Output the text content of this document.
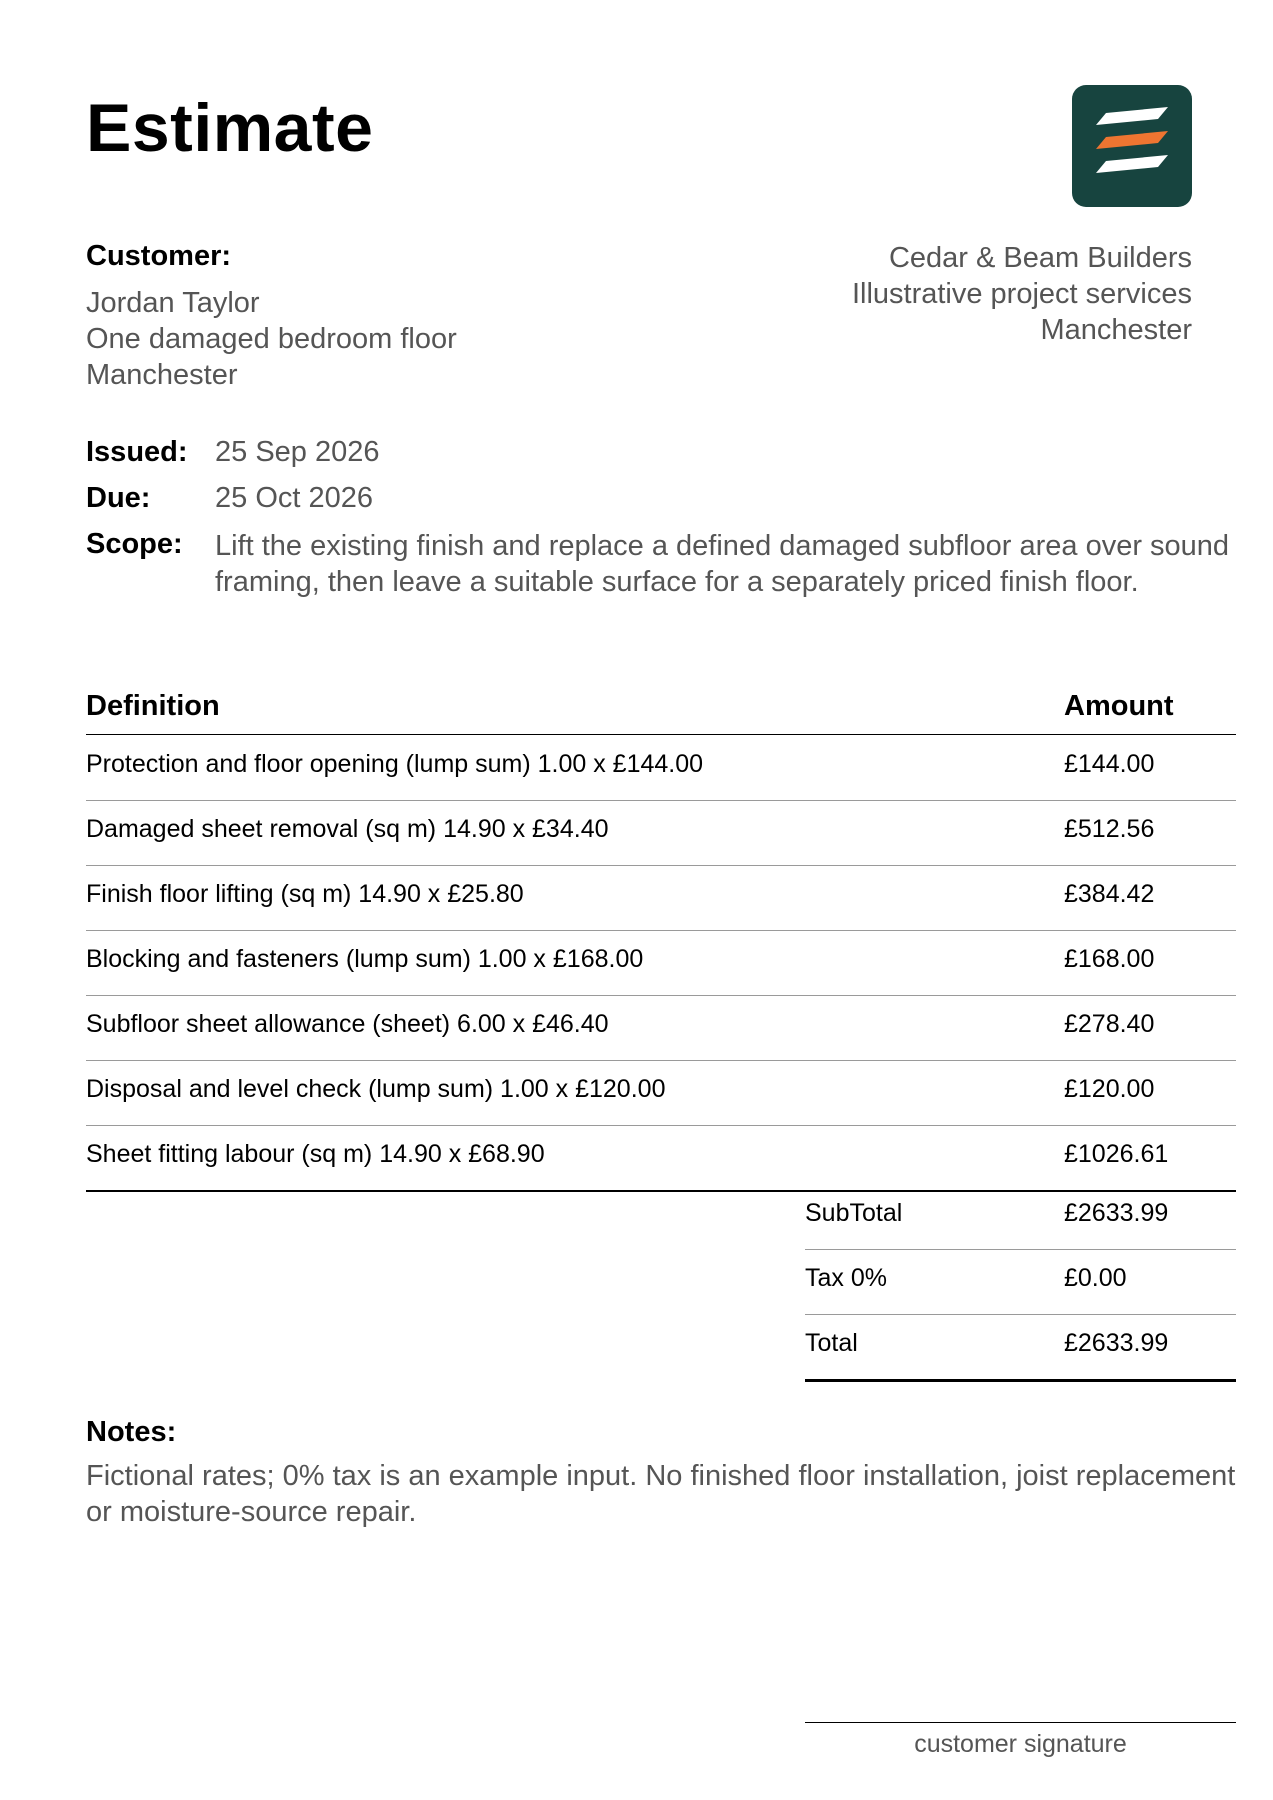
Estimate
Customer:
Jordan Taylor
One damaged bedroom floor
Manchester
Cedar & Beam Builders
Illustrative project services
Manchester
Issued: 25 Sep 2026
Due: 25 Oct 2026
Scope: Lift the existing finish and replace a defined damaged subfloor area over sound framing, then leave a suitable surface for a separately priced finish floor.
Definition	Amount
Protection and floor opening (lump sum) 1.00 x £144.00	£144.00
Damaged sheet removal (sq m) 14.90 x £34.40	£512.56
Finish floor lifting (sq m) 14.90 x £25.80	£384.42
Blocking and fasteners (lump sum) 1.00 x £168.00	£168.00
Subfloor sheet allowance (sheet) 6.00 x £46.40	£278.40
Disposal and level check (lump sum) 1.00 x £120.00	£120.00
Sheet fitting labour (sq m) 14.90 x £68.90	£1026.61
SubTotal	£2633.99
Tax 0%	£0.00
Total	£2633.99
Notes:
Fictional rates; 0% tax is an example input. No finished floor installation, joist replacement or moisture-source repair.
customer signature
